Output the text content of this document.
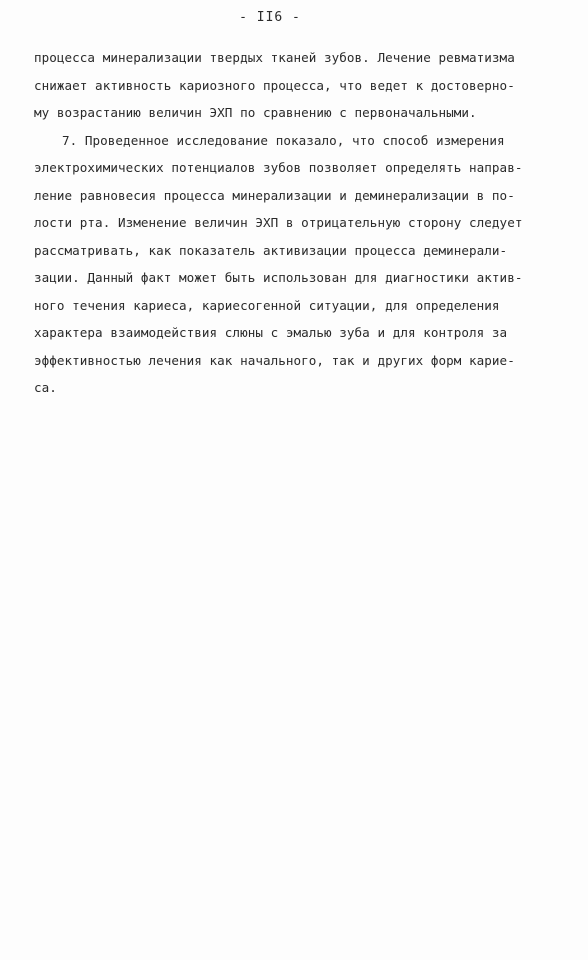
- II6 -
процесса минерализации твердых тканей зубов. Лечение ревматизма
снижает активность кариозного процесса, что ведет к достоверно-
му возрастанию величин ЭХП по сравнению с первоначальными.
7. Проведенное исследование показало, что способ измерения
электрохимических потенциалов зубов позволяет определять направ-
ление равновесия процесса минерализации и деминерализации в по-
лости рта. Изменение величин ЭХП в отрицательную сторону следует
рассматривать, как показатель активизации процесса деминерали-
зации. Данный факт может быть использован для диагностики актив-
ного течения кариеса, кариесогенной ситуации, для определения
характера взаимодействия слюны с эмалью зуба и для контроля за
эффективностью лечения как начального, так и других форм карие-
са.
